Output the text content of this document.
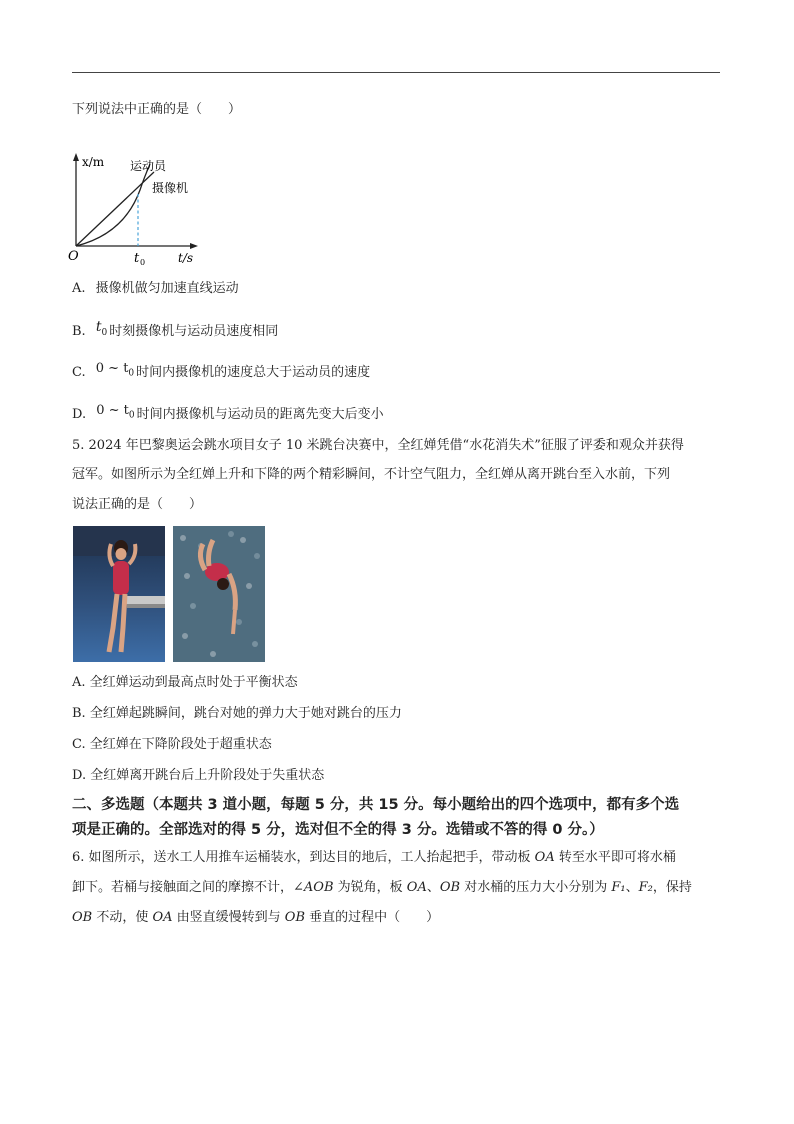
下列说法中正确的是（　　）
x/m
t/s
O	t 0
运动员
摄像机
A. 摄像机做匀加速直线运动
B. $t_0$ 时刻摄像机与运动员速度相同
C. 0 ~ $t_0$ 时间内摄像机的速度总大于运动员的速度
D. 0 ~ $t_0$ 时间内摄像机与运动员的距离先变大后变小
5. 2024 年巴黎奥运会跳水项目女子 10 米跳台决赛中，全红婵凭借“水花消失术”征服了评委和观众并获得
冠军。如图所示为全红婵上升和下降的两个精彩瞬间，不计空气阻力，全红婵从离开跳台至入水前，下列
说法正确的是（　　）
A. 全红婵运动到最高点时处于平衡状态
B. 全红婵起跳瞬间，跳台对她的弹力大于她对跳台的压力
C. 全红婵在下降阶段处于超重状态
D. 全红婵离开跳台后上升阶段处于失重状态
二、多选题（本题共 3 道小题，每题 5 分，共 15 分。每小题给出的四个选项中，都有多个选
项是正确的。全部选对的得 5 分，选对但不全的得 3 分。选错或不答的得 0 分。）
6. 如图所示，送水工人用推车运桶装水，到达目的地后，工人抬起把手，带动板 OA 转至水平即可将水桶
卸下。若桶与接触面之间的摩擦不计，∠AOB 为锐角，板 OA、OB 对水桶的压力大小分别为 F₁、F₂，保持
OB 不动，使 OA 由竖直缓慢转到与 OB 垂直的过程中（　　）
